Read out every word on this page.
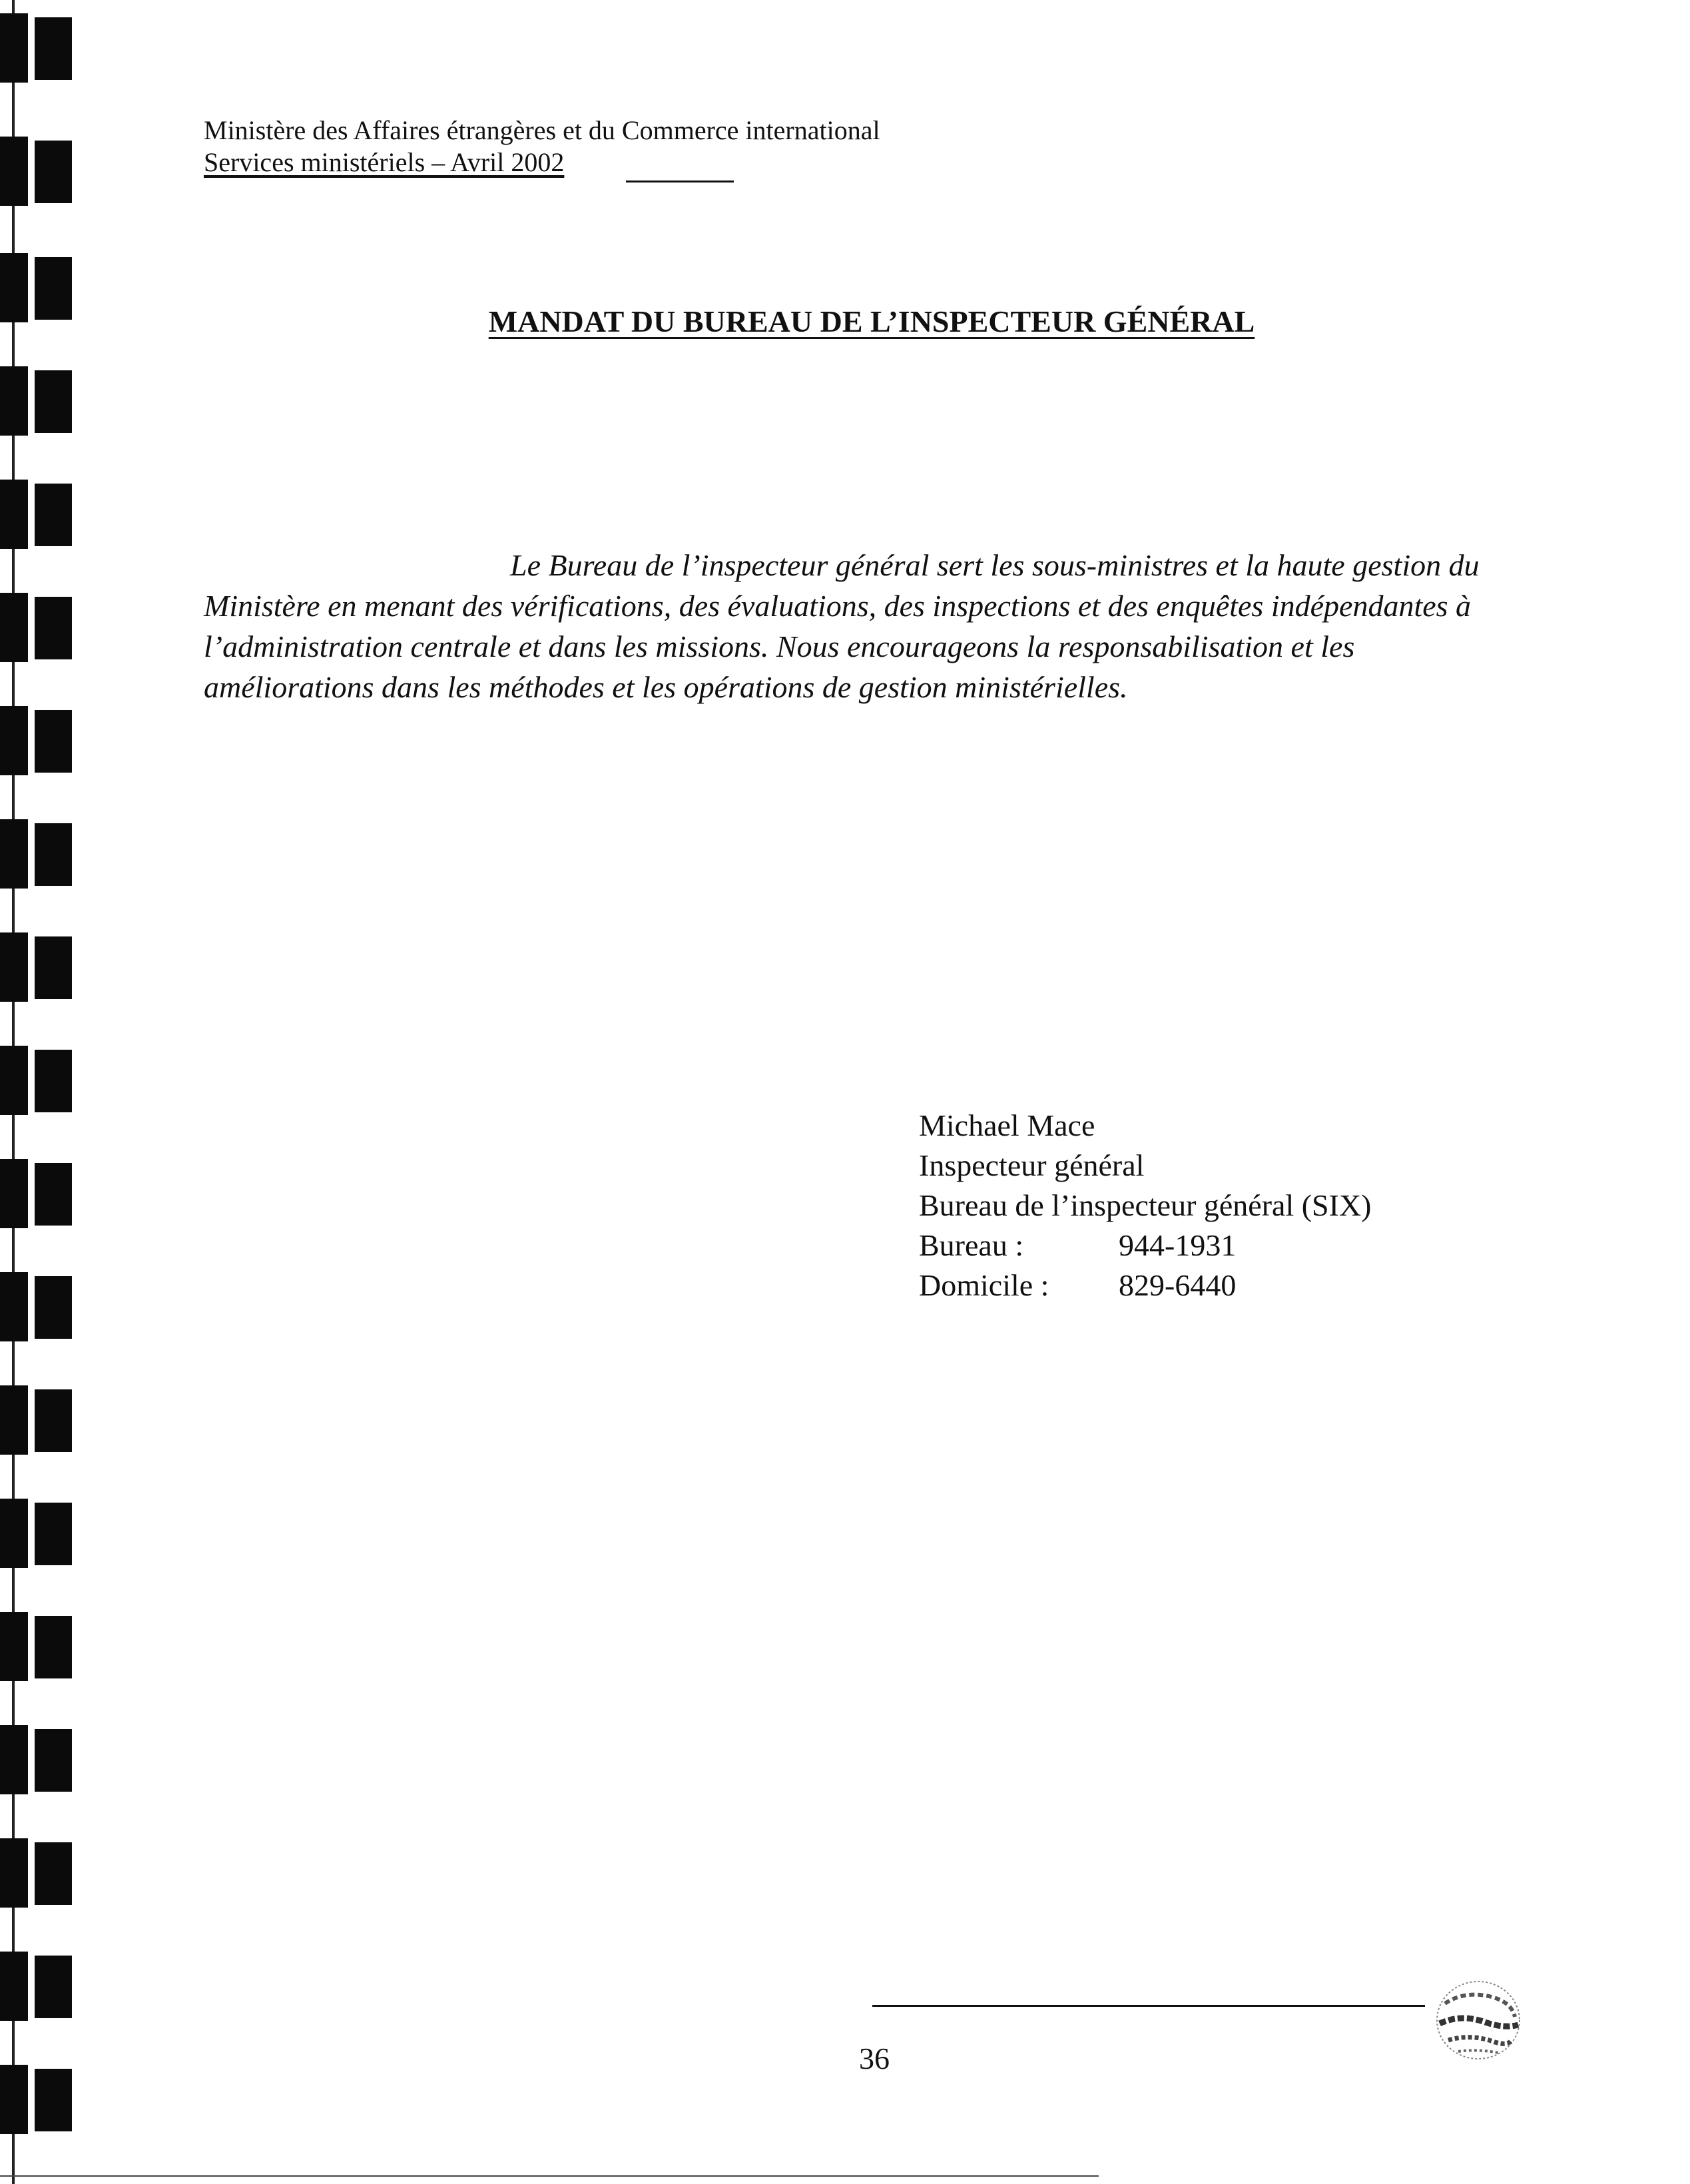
Ministère des Affaires étrangères et du Commerce international
Services ministériels – Avril 2002
MANDAT DU BUREAU DE L’INSPECTEUR GÉNÉRAL
Le Bureau de l’inspecteur général sert les sous-ministres et la haute gestion du Ministère en menant des vérifications, des évaluations, des inspections et des enquêtes indépendantes à l’administration centrale et dans les missions. Nous encourageons la responsabilisation et les améliorations dans les méthodes et les opérations de gestion ministérielles.
Michael Mace
Inspecteur général
Bureau de l’inspecteur général (SIX)
Bureau :	944-1931
Domicile :	829-6440
36
